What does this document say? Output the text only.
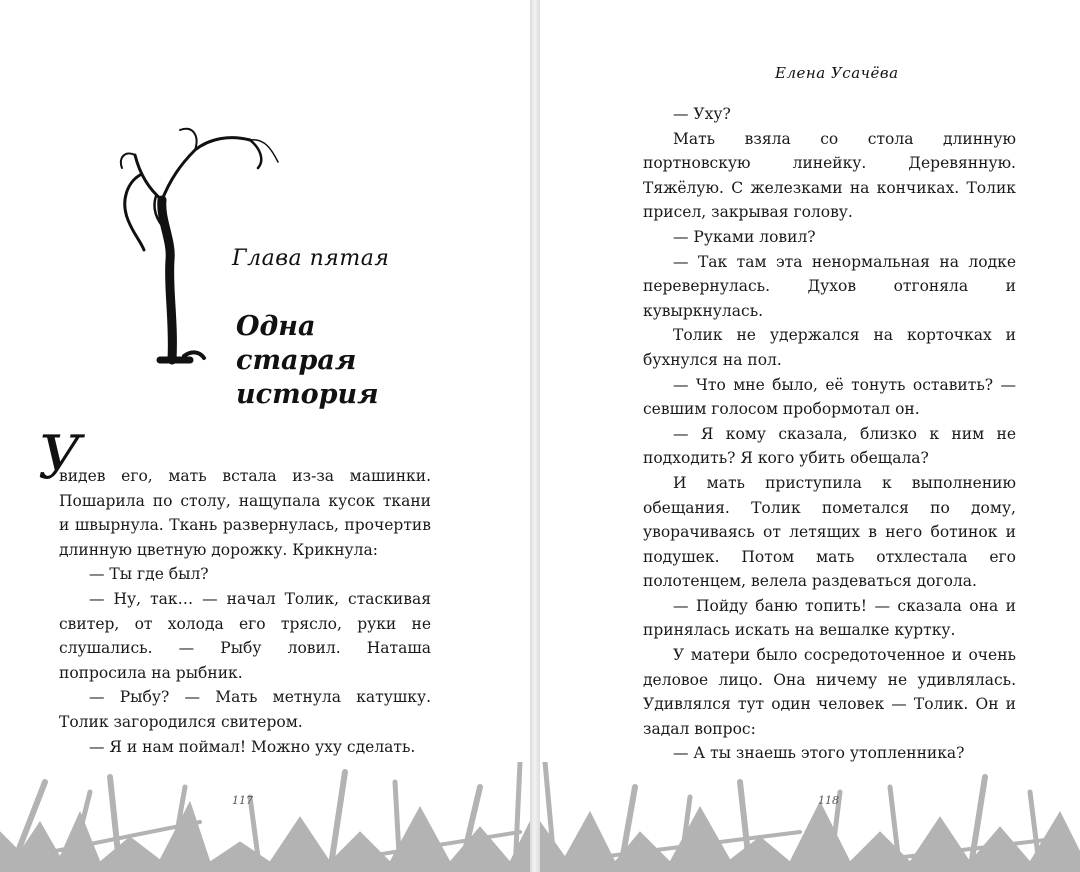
Глава пятая
Одна старая
история
У

видев его, мать встала из-за машинки. Пошарила по столу, нащупала кусок ткани и швырнула. Ткань развернулась, прочертив длинную цветную дорожку. Крикнула:

— Ты где был?

— Ну, так… — начал Толик, стаскивая свитер, от холода его трясло, руки не слушались. — Рыбу ловил. Наташа попросила на рыбник.

— Рыбу? — Мать метнула катушку. Толик загородился свитером.

— Я и нам поймал! Можно уху сделать.

117
Елена Усачёва

— Уху?

Мать взяла со стола длинную портновскую линейку. Деревянную. Тяжёлую. С железками на кончиках. Толик присел, закрывая голову.

— Руками ловил?

— Так там эта ненормальная на лодке перевернулась. Духов отгоняла и кувыркнулась.

Толик не удержался на корточках и бухнулся на пол.

— Что мне было, её тонуть оставить? — севшим голосом пробормотал он.

— Я кому сказала, близко к ним не подходить? Я кого убить обещала?

И мать приступила к выполнению обещания. Толик пометался по дому, уворачиваясь от летящих в него ботинок и подушек. Потом мать отхлестала его полотенцем, велела раздеваться догола.

— Пойду баню топить! — сказала она и принялась искать на вешалке куртку.

У матери было сосредоточенное и очень деловое лицо. Она ничему не удивлялась. Удивлялся тут один человек — Толик. Он и задал вопрос:

— А ты знаешь этого утопленника?

118
